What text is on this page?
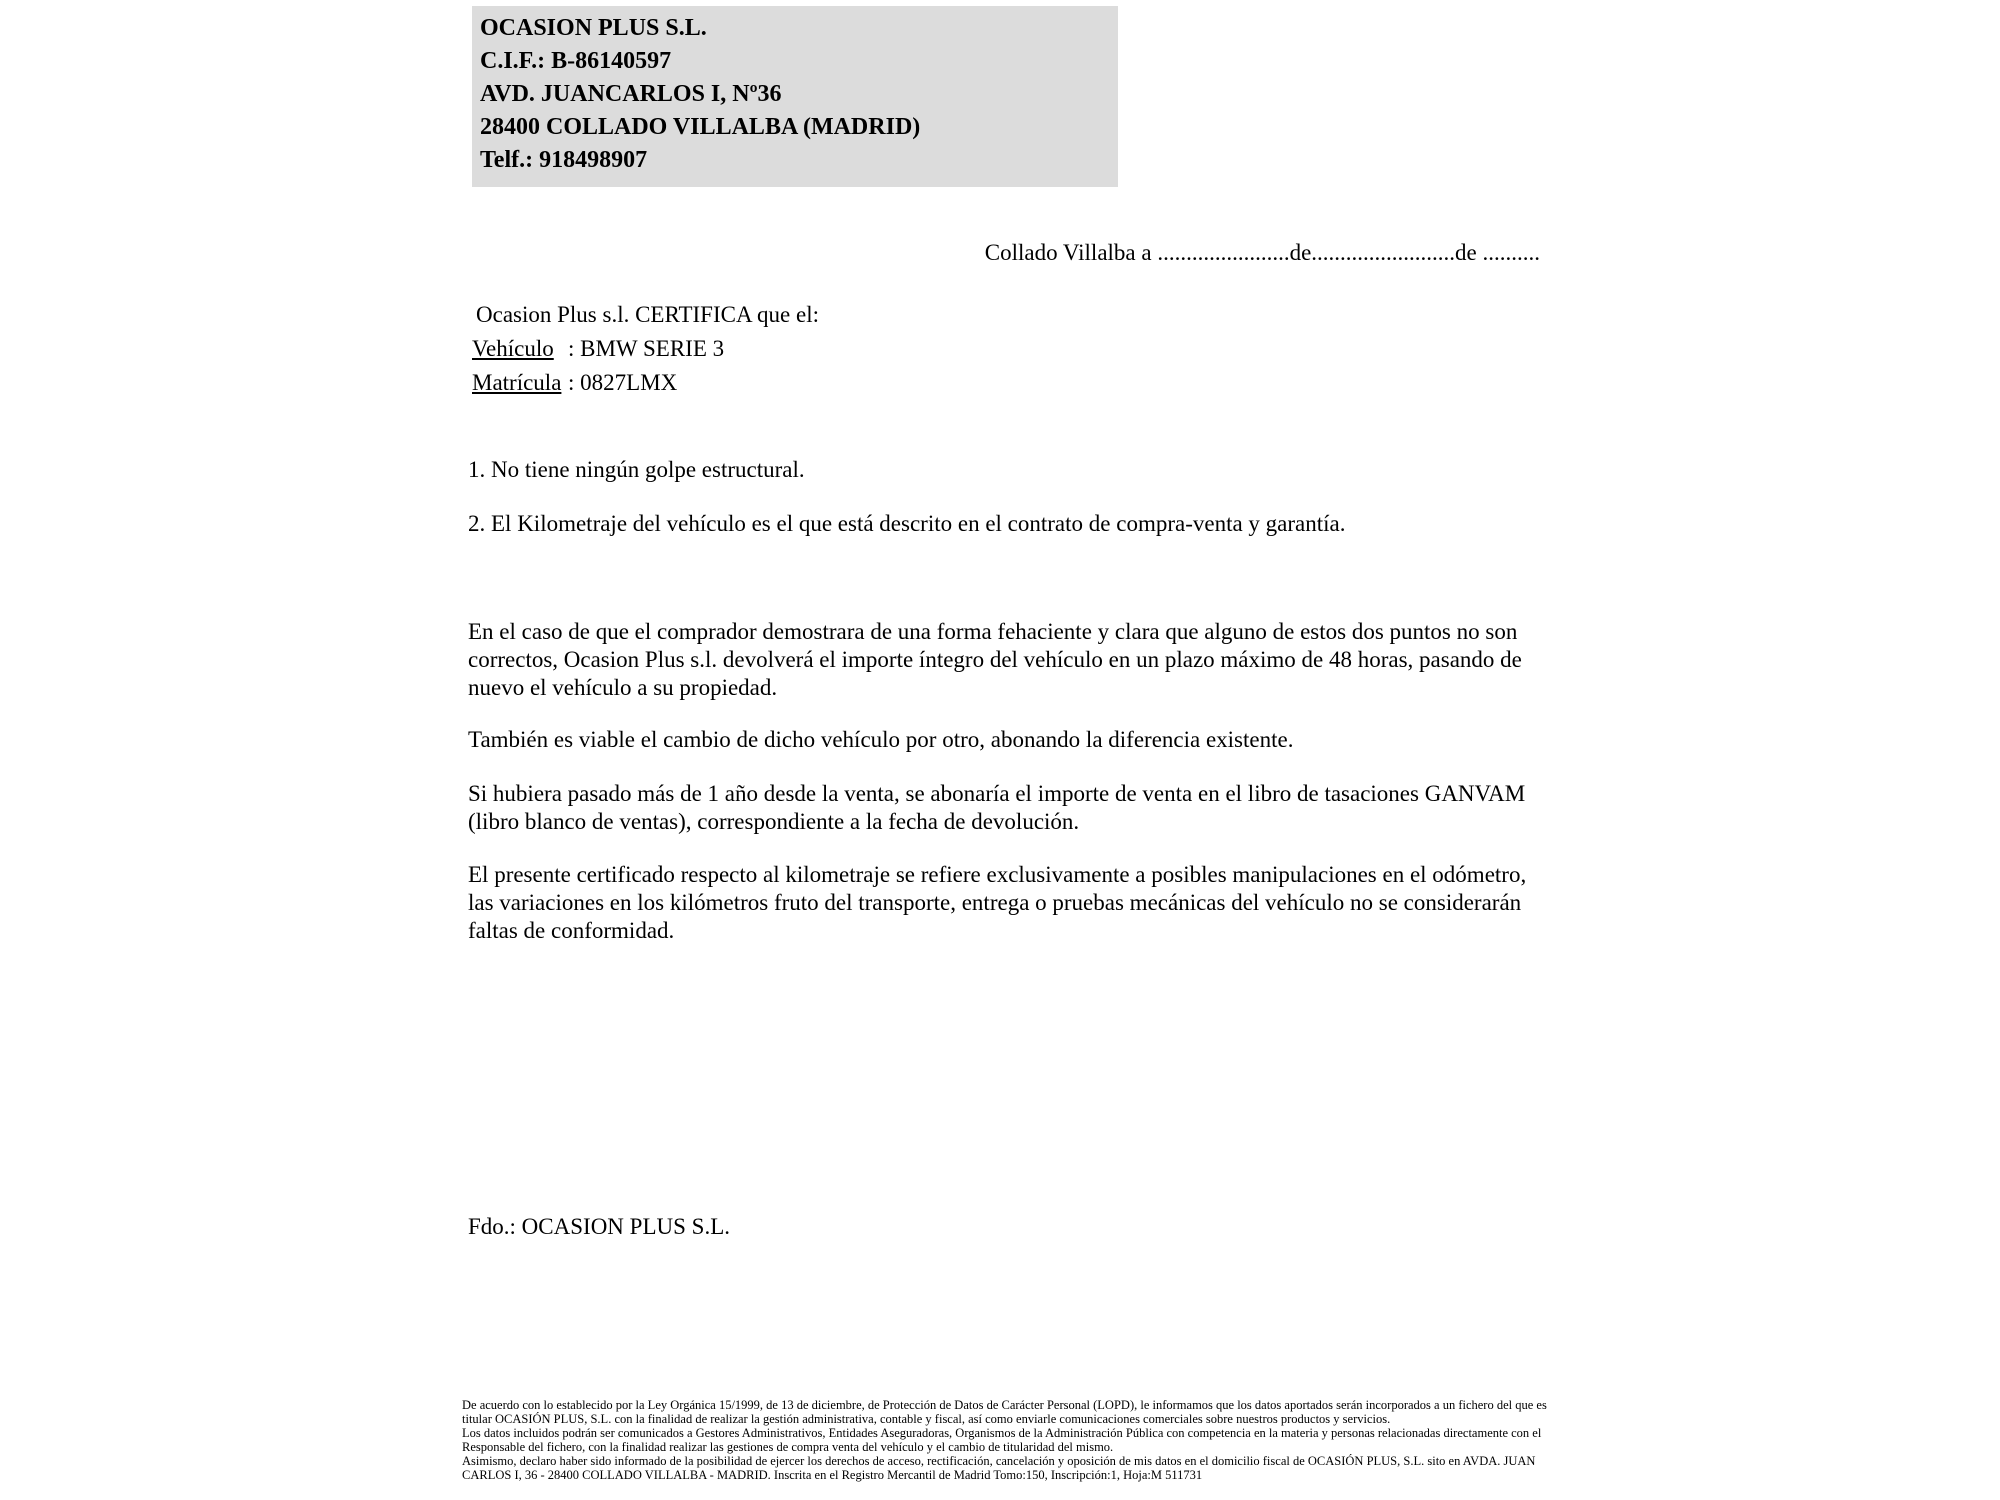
OCASION PLUS S.L.
C.I.F.: B-86140597
AVD. JUANCARLOS I, Nº36
28400 COLLADO VILLALBA (MADRID)
Telf.: 918498907
Collado Villalba a .......................de.........................de ..........
Ocasion Plus s.l. CERTIFICA que el:
Vehículo : BMW SERIE 3
Matrícula : 0827LMX
1. No tiene ningún golpe estructural.
2. El Kilometraje del vehículo es el que está descrito en el contrato de compra-venta y garantía.
En el caso de que el comprador demostrara de una forma fehaciente y clara que alguno de estos dos puntos no son correctos, Ocasion Plus s.l. devolverá el importe íntegro del vehículo en un plazo máximo de 48 horas, pasando de nuevo el vehículo a su propiedad.
También es viable el cambio de dicho vehículo por otro, abonando la diferencia existente.
Si hubiera pasado más de 1 año desde la venta, se abonaría el importe de venta en el libro de tasaciones GANVAM (libro blanco de ventas), correspondiente a la fecha de devolución.
El presente certificado respecto al kilometraje se refiere exclusivamente a posibles manipulaciones en el odómetro, las variaciones en los kilómetros fruto del transporte, entrega o pruebas mecánicas del vehículo no se considerarán faltas de conformidad.
Fdo.: OCASION PLUS S.L.

De acuerdo con lo establecido por la Ley Orgánica 15/1999, de 13 de diciembre, de Protección de Datos de Carácter Personal (LOPD), le informamos que los datos aportados serán incorporados a un fichero del que es titular OCASIÓN PLUS, S.L. con la finalidad de realizar la gestión administrativa, contable y fiscal, así como enviarle comunicaciones comerciales sobre nuestros productos y servicios.

Los datos incluidos podrán ser comunicados a Gestores Administrativos, Entidades Aseguradoras, Organismos de la Administración Pública con competencia en la materia y personas relacionadas directamente con el Responsable del fichero, con la finalidad realizar las gestiones de compra venta del vehículo y el cambio de titularidad del mismo.

Asimismo, declaro haber sido informado de la posibilidad de ejercer los derechos de acceso, rectificación, cancelación y oposición de mis datos en el domicilio fiscal de OCASIÓN PLUS, S.L. sito en AVDA. JUAN CARLOS I, 36 - 28400 COLLADO VILLALBA - MADRID. Inscrita en el Registro Mercantil de Madrid Tomo:150, Inscripción:1, Hoja:M 511731
